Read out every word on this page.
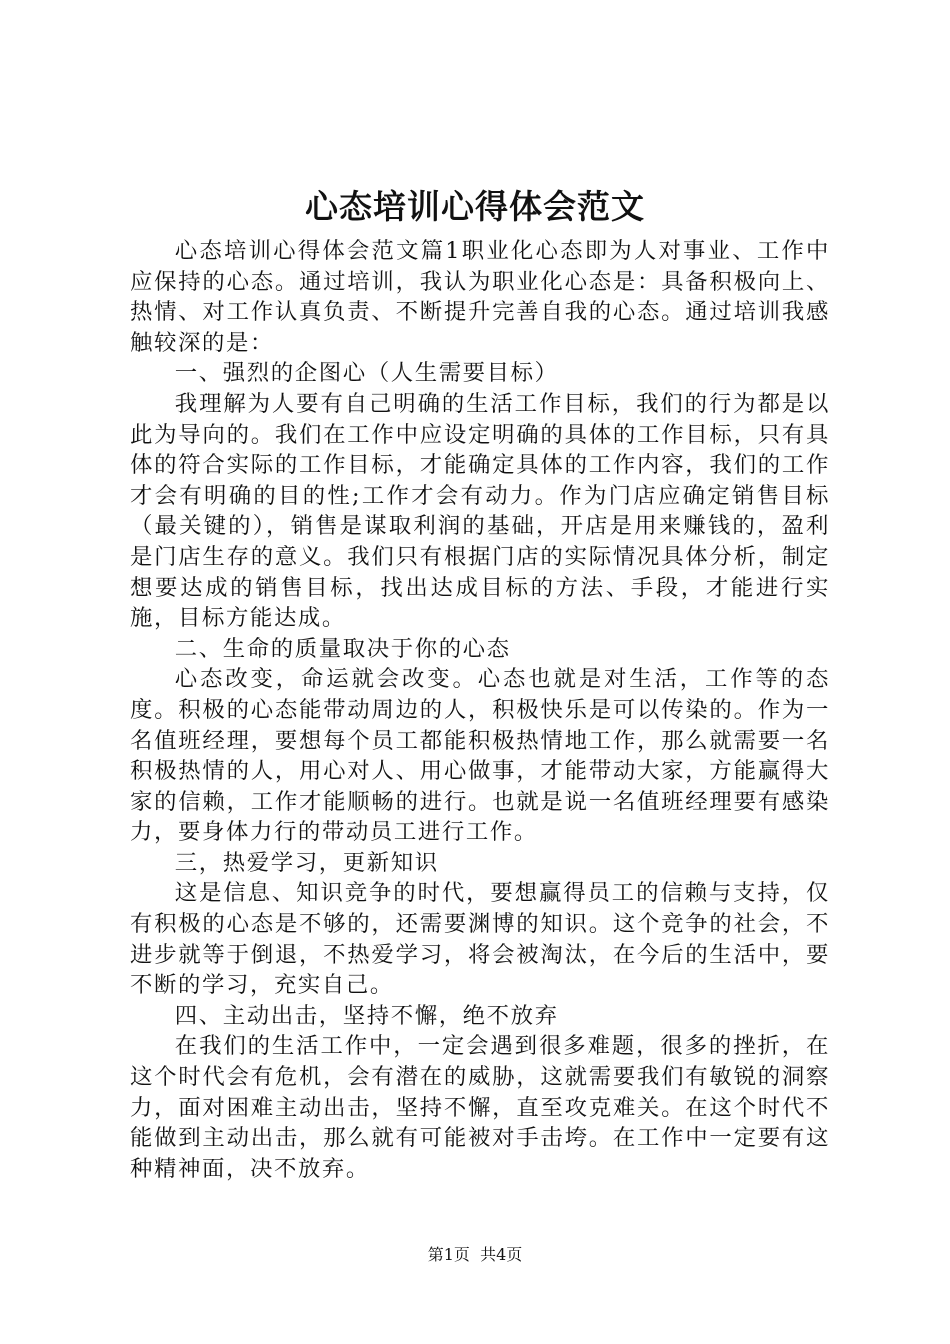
心态培训心得体会范文

心态培训心得体会范文篇1职业化心态即为人对事业、工作中应保持的心态。通过培训，我认为职业化心态是：具备积极向上、热情、对工作认真负责、不断提升完善自我的心态。通过培训我感触较深的是：

一、强烈的企图心（人生需要目标）

我理解为人要有自己明确的生活工作目标，我们的行为都是以此为导向的。我们在工作中应设定明确的具体的工作目标，只有具体的符合实际的工作目标，才能确定具体的工作内容，我们的工作才会有明确的目的性;工作才会有动力。作为门店应确定销售目标（最关键的），销售是谋取利润的基础，开店是用来赚钱的，盈利是门店生存的意义。我们只有根据门店的实际情况具体分析，制定想要达成的销售目标，找出达成目标的方法、手段，才能进行实施，目标方能达成。

二、生命的质量取决于你的心态

心态改变，命运就会改变。心态也就是对生活，工作等的态度。积极的心态能带动周边的人，积极快乐是可以传染的。作为一名值班经理，要想每个员工都能积极热情地工作，那么就需要一名积极热情的人，用心对人、用心做事，才能带动大家，方能赢得大家的信赖，工作才能顺畅的进行。也就是说一名值班经理要有感染力，要身体力行的带动员工进行工作。

三，热爱学习，更新知识

这是信息、知识竞争的时代，要想赢得员工的信赖与支持，仅有积极的心态是不够的，还需要渊博的知识。这个竞争的社会，不进步就等于倒退，不热爱学习，将会被淘汰，在今后的生活中，要不断的学习，充实自己。

四、主动出击，坚持不懈，绝不放弃

在我们的生活工作中，一定会遇到很多难题，很多的挫折，在这个时代会有危机，会有潜在的威胁，这就需要我们有敏锐的洞察力，面对困难主动出击，坚持不懈，直至攻克难关。在这个时代不能做到主动出击，那么就有可能被对手击垮。在工作中一定要有这种精神面，决不放弃。

第1页  共4页
